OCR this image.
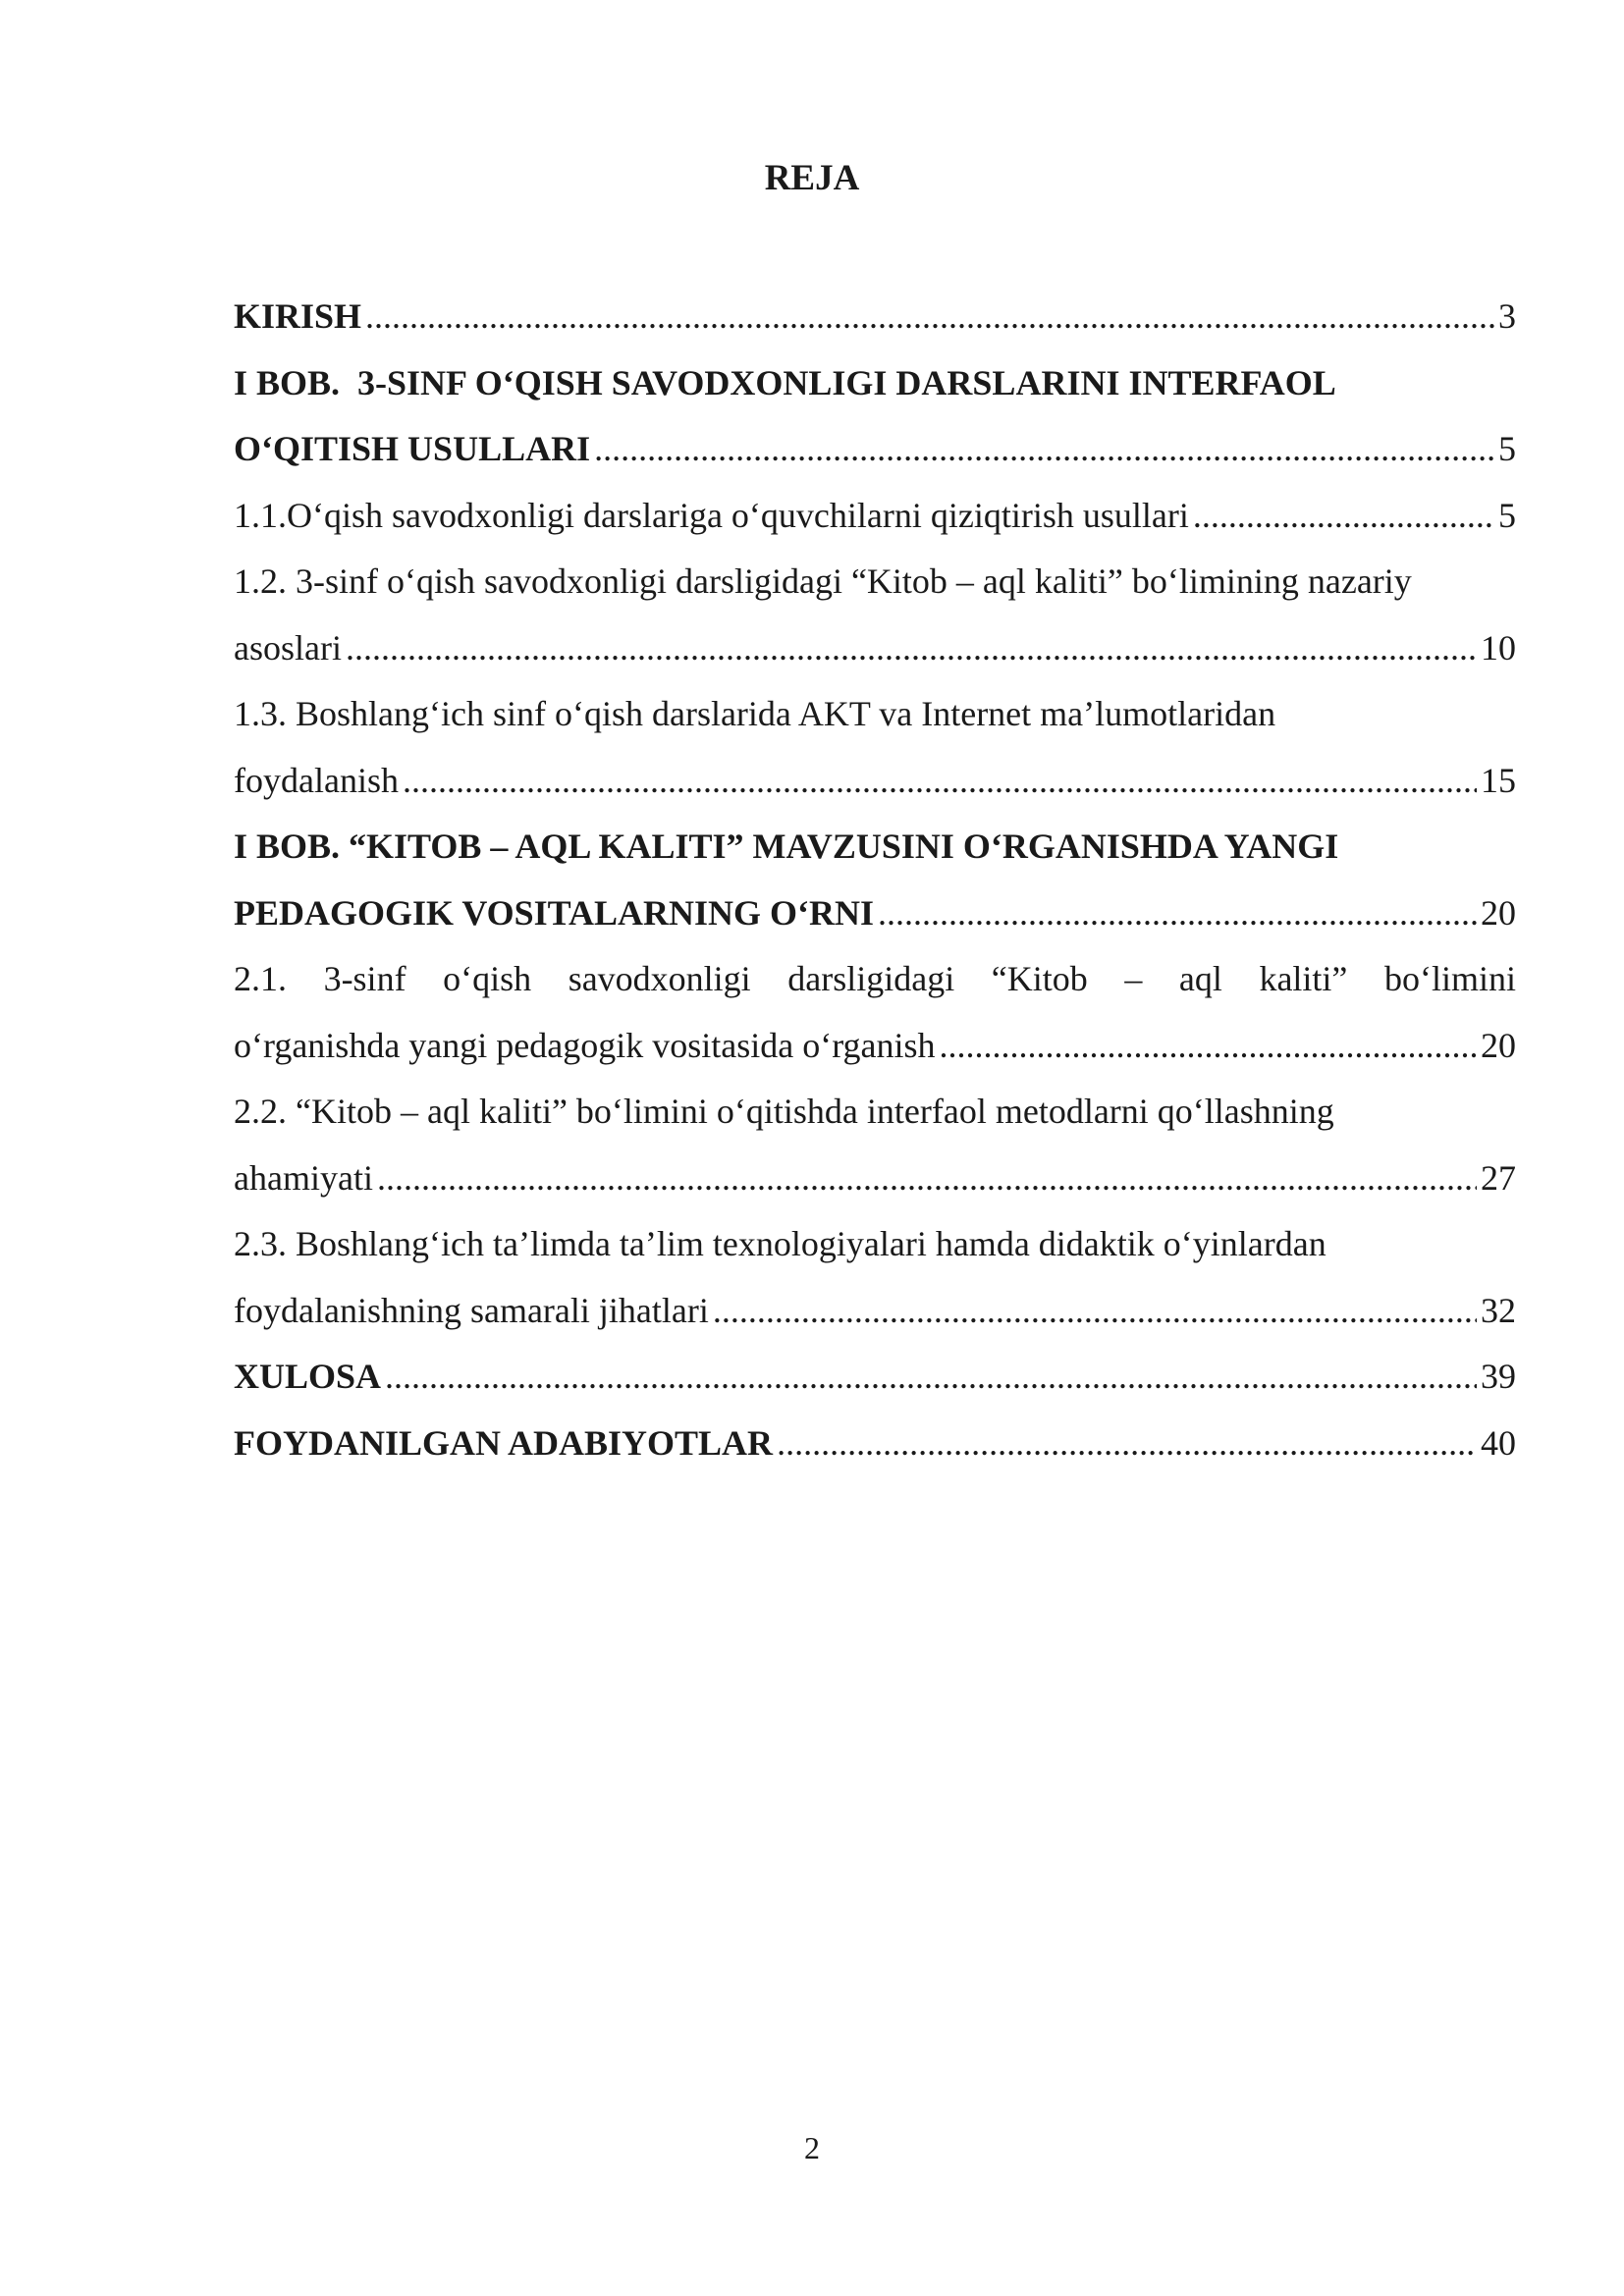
REJA
KIRISH .....	3
I BOB.  3-SINF O‘QISH SAVODXONLIGI DARSLARINI INTERFAOL
O‘QITISH USULLARI .....	5
1.1.O‘qish savodxonligi darslariga o‘quvchilarni qiziqtirish usullari .....	5
1.2. 3-sinf o‘qish savodxonligi darsligidagi “Kitob – aql kaliti” bo‘limining nazariy
asoslari .....	10
1.3. Boshlang‘ich sinf o‘qish darslarida AKT va Internet ma’lumotlaridan
foydalanish .....	15
I BOB. “KITOB – AQL KALITI” MAVZUSINI O‘RGANISHDA YANGI
PEDAGOGIK VOSITALARNING O‘RNI .....	20
2.1. 3-sinf o‘qish savodxonligi darsligidagi “Kitob – aql kaliti” bo‘limini
o‘rganishda yangi pedagogik vositasida o‘rganish .....	20
2.2. “Kitob – aql kaliti” bo‘limini o‘qitishda interfaol metodlarni qo‘llashning
ahamiyati .....	27
2.3. Boshlang‘ich ta’limda ta’lim texnologiyalari hamda didaktik o‘yinlardan
foydalanishning samarali jihatlari .....	32
XULOSA .....	39
FOYDANILGAN ADABIYOTLAR .....	40
2
